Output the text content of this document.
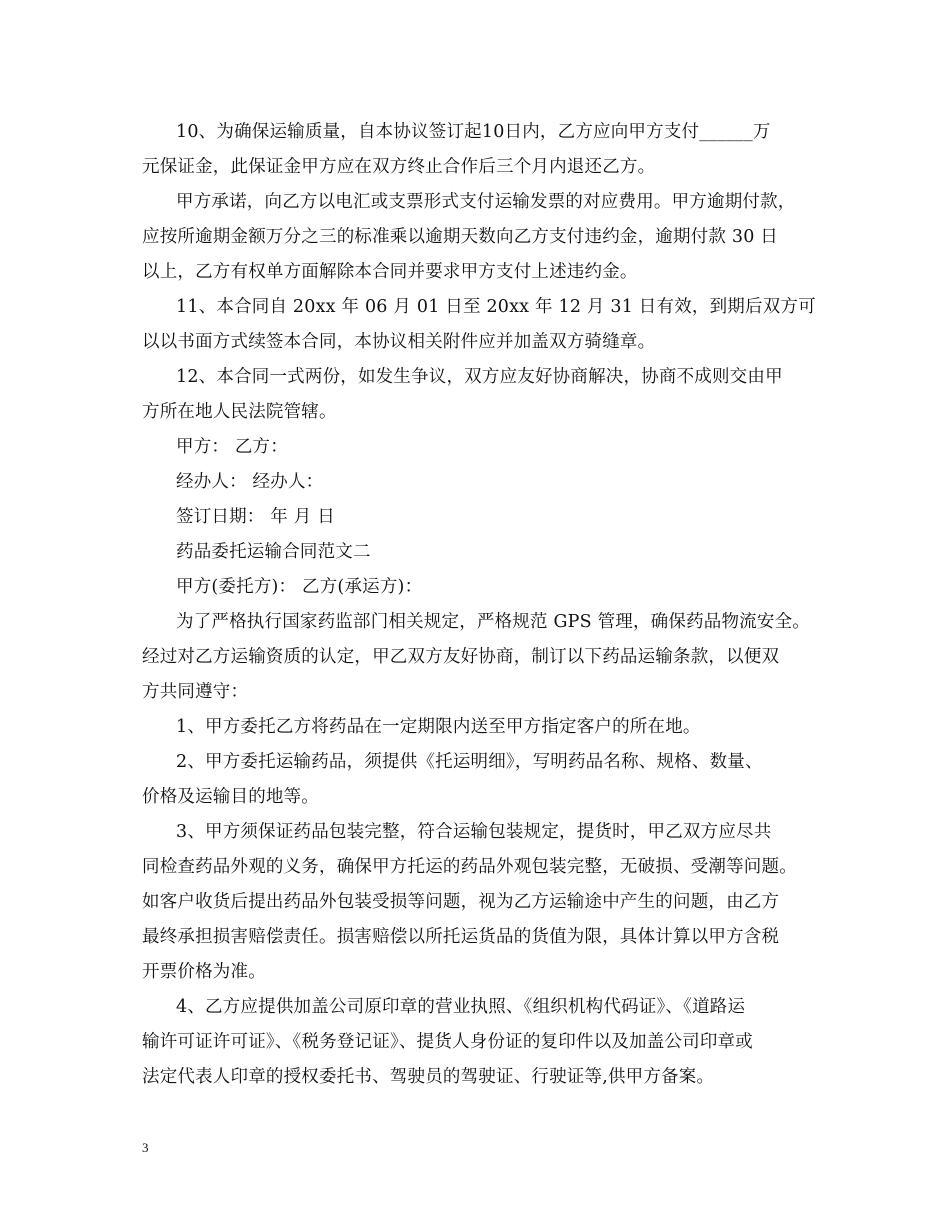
10、为确保运输质量，自本协议签订起10日内，乙方应向甲方支付______万
元保证金，此保证金甲方应在双方终止合作后三个月内退还乙方。
甲方承诺，向乙方以电汇或支票形式支付运输发票的对应费用。甲方逾期付款，
应按所逾期金额万分之三的标准乘以逾期天数向乙方支付违约金，逾期付款 30 日
以上，乙方有权单方面解除本合同并要求甲方支付上述违约金。
11、本合同自 20xx 年 06 月 01 日至 20xx 年 12 月 31 日有效，到期后双方可
以以书面方式续签本合同，本协议相关附件应并加盖双方骑缝章。
12、本合同一式两份，如发生争议，双方应友好协商解决，协商不成则交由甲
方所在地人民法院管辖。
甲方： 乙方：
经办人： 经办人：
签订日期： 年 月 日
药品委托运输合同范文二
甲方(委托方)： 乙方(承运方)：
为了严格执行国家药监部门相关规定，严格规范 GPS 管理，确保药品物流安全。
经过对乙方运输资质的认定，甲乙双方友好协商，制订以下药品运输条款，以便双
方共同遵守：
1、甲方委托乙方将药品在一定期限内送至甲方指定客户的所在地。
2、甲方委托运输药品，须提供《托运明细》，写明药品名称、规格、数量、
价格及运输目的地等。
3、甲方须保证药品包装完整，符合运输包装规定，提货时，甲乙双方应尽共
同检查药品外观的义务，确保甲方托运的药品外观包装完整，无破损、受潮等问题。
如客户收货后提出药品外包装受损等问题，视为乙方运输途中产生的问题，由乙方
最终承担损害赔偿责任。损害赔偿以所托运货品的货值为限，具体计算以甲方含税
开票价格为准。
4、乙方应提供加盖公司原印章的营业执照、《组织机构代码证》、《道路运
输许可证许可证》、《税务登记证》、提货人身份证的复印件以及加盖公司印章或
法定代表人印章的授权委托书、驾驶员的驾驶证、行驶证等,供甲方备案。
3
